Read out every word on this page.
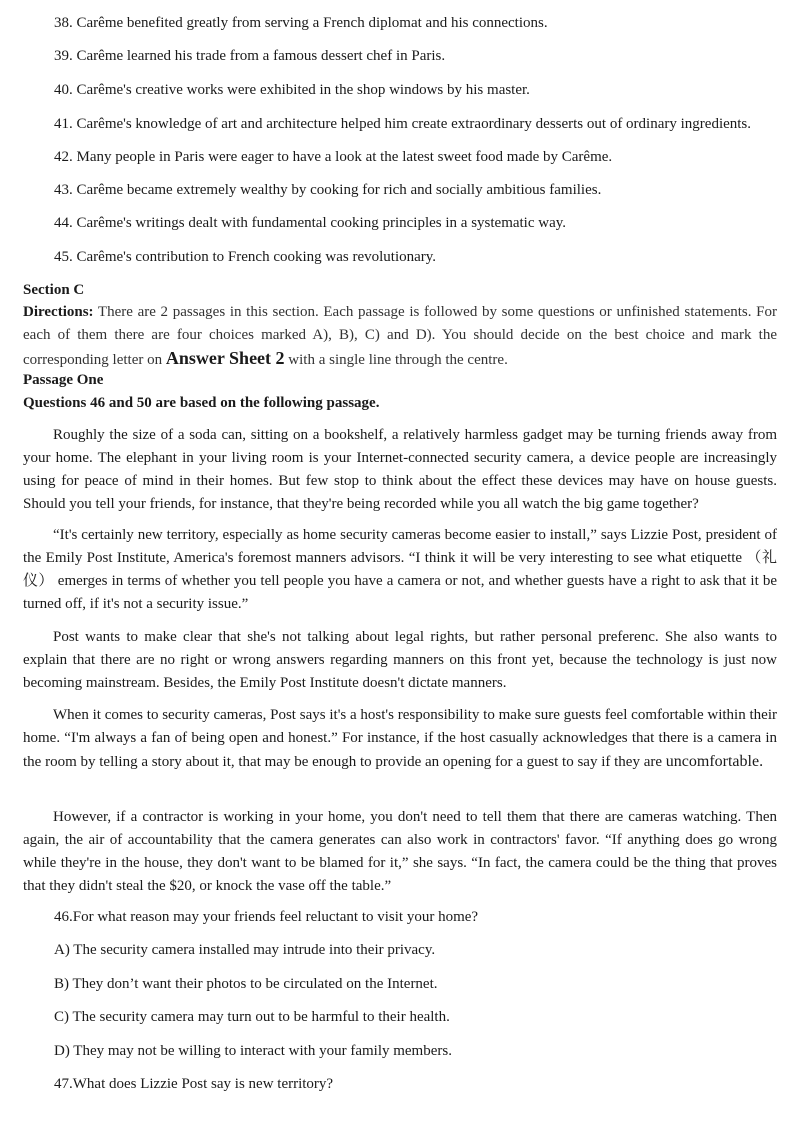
38. Carême benefited greatly from serving a French diplomat and his connections.
39. Carême learned his trade from a famous dessert chef in Paris.
40. Carême's creative works were exhibited in the shop windows by his master.
41. Carême's knowledge of art and architecture helped him create extraordinary desserts out of ordinary ingredients.
42. Many people in Paris were eager to have a look at the latest sweet food made by Carême.
43. Carême became extremely wealthy by cooking for rich and socially ambitious families.
44. Carême's writings dealt with fundamental cooking principles in a systematic way.
45. Carême's contribution to French cooking was revolutionary.
Section C
Directions: There are 2 passages in this section. Each passage is followed by some questions or unfinished statements. For each of them there are four choices marked A), B), C) and D). You should decide on the best choice and mark the corresponding letter on Answer Sheet 2 with a single line through the centre.
Passage One
Questions 46 and 50 are based on the following passage.
Roughly the size of a soda can, sitting on a bookshelf, a relatively harmless gadget may be turning friends away from your home. The elephant in your living room is your Internet-connected security camera, a device people are increasingly using for peace of mind in their homes. But few stop to think about the effect these devices may have on house guests. Should you tell your friends, for instance, that they're being recorded while you all watch the big game together?
“It's certainly new territory, especially as home security cameras become easier to install,” says Lizzie Post, president of the Emily Post Institute, America's foremost manners advisors. “I think it will be very interesting to see what etiquette （礼仪） emerges in terms of whether you tell people you have a camera or not, and whether guests have a right to ask that it be turned off, if it's not a security issue.”
Post wants to make clear that she's not talking about legal rights, but rather personal preferenc. She also wants to explain that there are no right or wrong answers regarding manners on this front yet, because the technology is just now becoming mainstream. Besides, the Emily Post Institute doesn't dictate manners.
When it comes to security cameras, Post says it's a host's responsibility to make sure guests feel comfortable within their home. “I'm always a fan of being open and honest.” For instance, if the host casually acknowledges that there is a camera in the room by telling a story about it, that may be enough to provide an opening for a guest to say if they are uncomfortable.
However, if a contractor is working in your home, you don't need to tell them that there are cameras watching. Then again, the air of accountability that the camera generates can also work in contractors' favor. “If anything does go wrong while they're in the house, they don't want to be blamed for it,” she says. “In fact, the camera could be the thing that proves that they didn't steal the $20, or knock the vase off the table.”
46.For what reason may your friends feel reluctant to visit your home?
A) The security camera installed may intrude into their privacy.
B) They don’t want their photos to be circulated on the Internet.
C) The security camera may turn out to be harmful to their health.
D) They may not be willing to interact with your family members.
47.What does Lizzie Post say is new territory?
